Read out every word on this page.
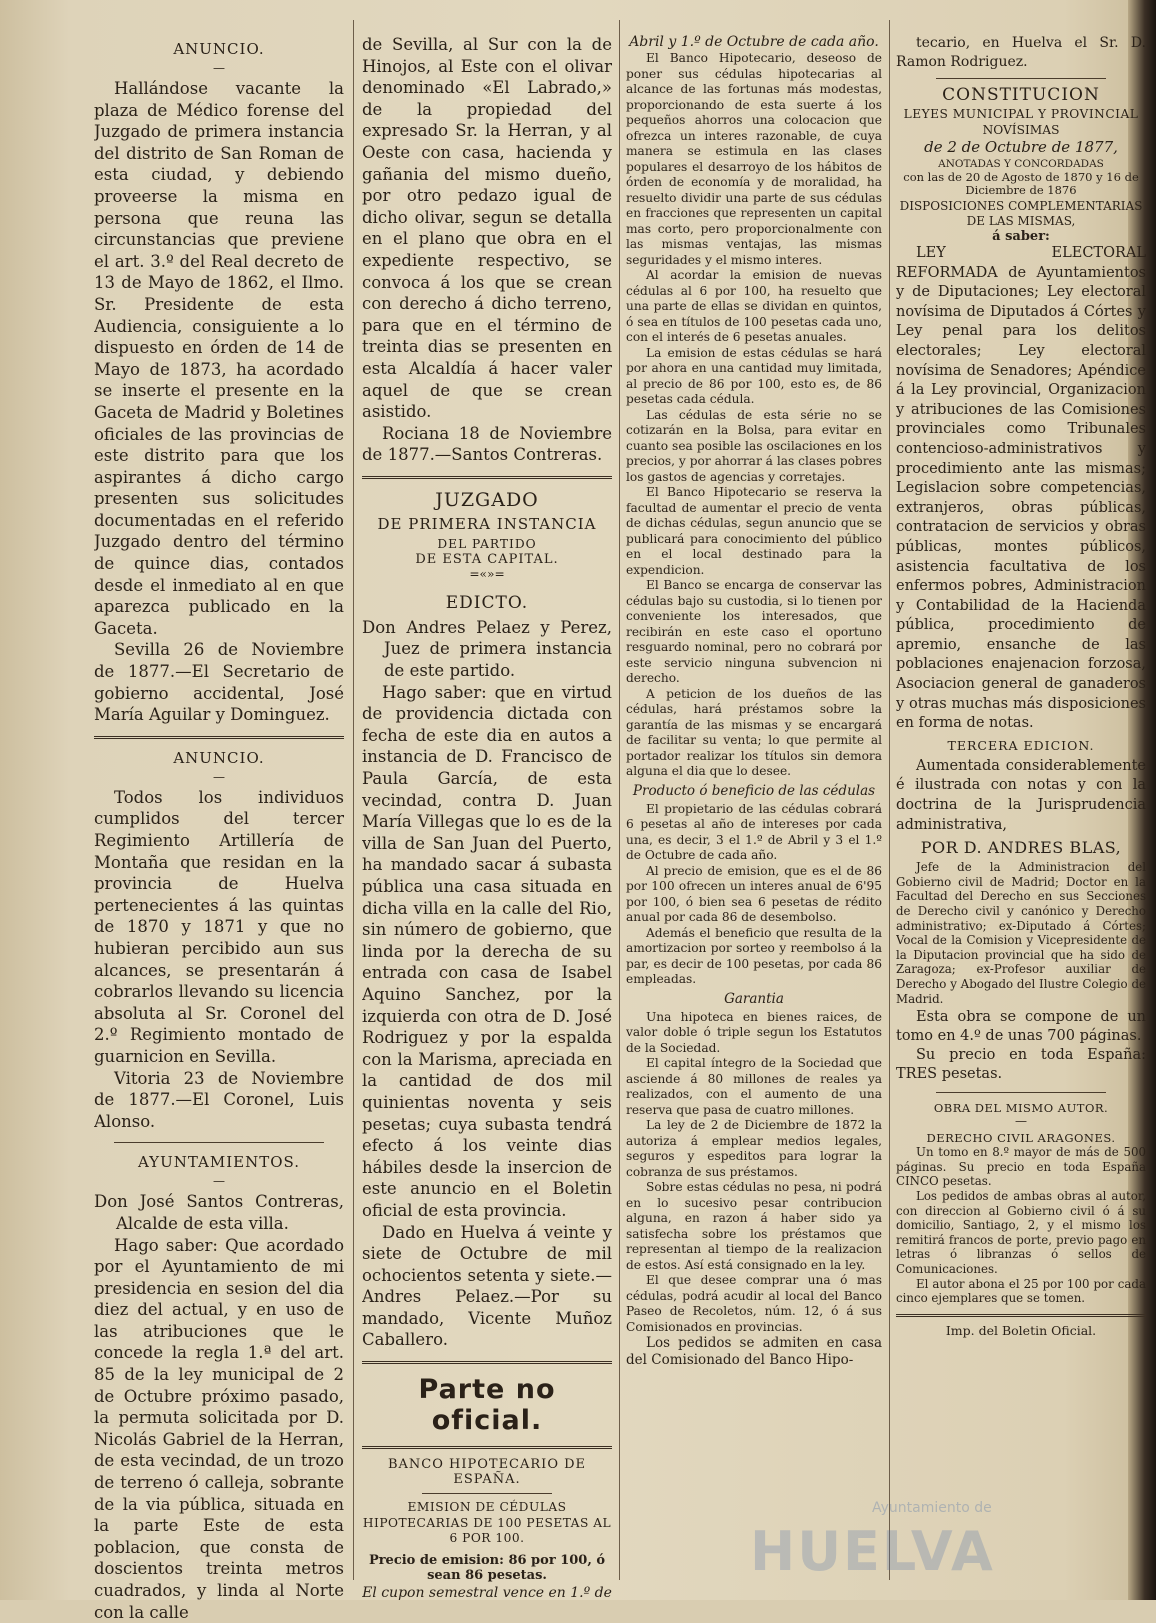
ANUNCIO.
—

Hallándose vacante la plaza de Médico forense del Juzgado de primera instancia del distrito de San Roman de esta ciudad, y debiendo proveerse la misma en persona que reuna las circunstancias que previene el art. 3.º del Real decreto de 13 de Mayo de 1862, el Ilmo. Sr. Presidente de esta Audiencia, consiguiente a lo dispuesto en órden de 14 de Mayo de 1873, ha acordado se inserte el presente en la Gaceta de Madrid y Boletines oficiales de las provincias de este distrito para que los aspirantes á dicho cargo presenten sus solicitudes documentadas en el referido Juzgado dentro del término de quince dias, contados desde el inmediato al en que aparezca publicado en la Gaceta.

Sevilla 26 de Noviembre de 1877.—El Secretario de gobierno accidental, José María Aguilar y Dominguez.

ANUNCIO.
—

Todos los individuos cumplidos del tercer Regimiento Artillería de Montaña que residan en la provincia de Huelva pertenecientes á las quintas de 1870 y 1871 y que no hubieran percibido aun sus alcances, se presentarán á cobrarlos llevando su licencia absoluta al Sr. Coronel del 2.º Regimiento montado de guarnicion en Sevilla.

Vitoria 23 de Noviembre de 1877.—El Coronel, Luis Alonso.

AYUNTAMIENTOS.
—

Don José Santos Contreras, Alcalde de esta villa.

Hago saber: Que acordado por el Ayuntamiento de mi presidencia en sesion del dia diez del actual, y en uso de las atribuciones que le concede la regla 1.ª del art. 85 de la ley municipal de 2 de Octubre próximo pasado, la permuta solicitada por D. Nicolás Gabriel de la Herran, de esta vecindad, de un trozo de terreno ó calleja, sobrante de la via pública, situada en la parte Este de esta poblacion, que consta de doscientos treinta metros cuadrados, y linda al Norte con la calle

de Sevilla, al Sur con la de Hinojos, al Este con el olivar denominado «El Labrado,» de la propiedad del expresado Sr. la Herran, y al Oeste con casa, hacienda y gañania del mismo dueño, por otro pedazo igual de dicho olivar, segun se detalla en el plano que obra en el expediente respectivo, se convoca á los que se crean con derecho á dicho terreno, para que en el término de treinta dias se presenten en esta Alcaldía á hacer valer aquel de que se crean asistido.

Rociana 18 de Noviembre de 1877.—Santos Contreras.

JUZGADO
DE PRIMERA INSTANCIA

DEL PARTIDO

DE ESTA CAPITAL.

=«»=

EDICTO.

Don Andres Pelaez y Perez, Juez de primera instancia de este partido.

Hago saber: que en virtud de providencia dictada con fecha de este dia en autos a instancia de D. Francisco de Paula García, de esta vecindad, contra D. Juan María Villegas que lo es de la villa de San Juan del Puerto, ha mandado sacar á subasta pública una casa situada en dicha villa en la calle del Rio, sin número de gobierno, que linda por la derecha de su entrada con casa de Isabel Aquino Sanchez, por la izquierda con otra de D. José Rodriguez y por la espalda con la Marisma, apreciada en la cantidad de dos mil quinientas noventa y seis pesetas; cuya subasta tendrá efecto á los veinte dias hábiles desde la insercion de este anuncio en el Boletin oficial de esta provincia.

Dado en Huelva á veinte y siete de Octubre de mil ochocientos setenta y siete.—Andres Pelaez.—Por su mandado, Vicente Muñoz Caballero.

Parte no oficial.

BANCO HIPOTECARIO DE ESPAÑA.

EMISION DE CÉDULAS HIPOTECARIAS DE 100 PESETAS AL 6 POR 100.

Precio de emision: 86 por 100, ó sean 86 pesetas.

El cupon semestral vence en 1.º de

Abril y 1.º de Octubre de cada año.

El Banco Hipotecario, deseoso de poner sus cédulas hipotecarias al alcance de las fortunas más modestas, proporcionando de esta suerte á los pequeños ahorros una colocacion que ofrezca un interes razonable, de cuya manera se estimula en las clases populares el desarroyo de los hábitos de órden de economía y de moralidad, ha resuelto dividir una parte de sus cédulas en fracciones que representen un capital mas corto, pero proporcionalmente con las mismas ventajas, las mismas seguridades y el mismo interes.

Al acordar la emision de nuevas cédulas al 6 por 100, ha resuelto que una parte de ellas se dividan en quintos, ó sea en títulos de 100 pesetas cada uno, con el interés de 6 pesetas anuales.

La emision de estas cédulas se hará por ahora en una cantidad muy limitada, al precio de 86 por 100, esto es, de 86 pesetas cada cédula.

Las cédulas de esta série no se cotizarán en la Bolsa, para evitar en cuanto sea posible las oscilaciones en los precios, y por ahorrar á las clases pobres los gastos de agencias y corretajes.

El Banco Hipotecario se reserva la facultad de aumentar el precio de venta de dichas cédulas, segun anuncio que se publicará para conocimiento del público en el local destinado para la expendicion.

El Banco se encarga de conservar las cédulas bajo su custodia, si lo tienen por conveniente los interesados, que recibirán en este caso el oportuno resguardo nominal, pero no cobrará por este servicio ninguna subvencion ni derecho.

A peticion de los dueños de las cédulas, hará préstamos sobre la garantía de las mismas y se encargará de facilitar su venta; lo que permite al portador realizar los títulos sin demora alguna el dia que lo desee.

Producto ó beneficio de las cédulas

El propietario de las cédulas cobrará 6 pesetas al año de intereses por cada una, es decir, 3 el 1.º de Abril y 3 el 1.º de Octubre de cada año.

Al precio de emision, que es el de 86 por 100 ofrecen un interes anual de 6'95 por 100, ó bien sea 6 pesetas de rédito anual por cada 86 de desembolso.

Además el beneficio que resulta de la amortizacion por sorteo y reembolso á la par, es decir de 100 pesetas, por cada 86 empleadas.

Garantia

Una hipoteca en bienes raices, de valor doble ó triple segun los Estatutos de la Sociedad.

El capital íntegro de la Sociedad que asciende á 80 millones de reales ya realizados, con el aumento de una reserva que pasa de cuatro millones.

La ley de 2 de Diciembre de 1872 la autoriza á emplear medios legales, seguros y espeditos para lograr la cobranza de sus préstamos.

Sobre estas cédulas no pesa, ni podrá en lo sucesivo pesar contribucion alguna, en razon á haber sido ya satisfecha sobre los préstamos que representan al tiempo de la realizacion de estos. Así está consignado en la ley.

El que desee comprar una ó mas cédulas, podrá acudir al local del Banco Paseo de Recoletos, núm. 12, ó á sus Comisionados en provincias.

Los pedidos se admiten en casa del Comisionado del Banco Hipo-

tecario, en Huelva el Sr. D. Ramon Rodriguez.

CONSTITUCION

LEYES MUNICIPAL Y PROVINCIAL

NOVÍSIMAS

de 2 de Octubre de 1877,

ANOTADAS Y CONCORDADAS

con las de 20 de Agosto de 1870 y 16 de Diciembre de 1876

DISPOSICIONES COMPLEMENTARIAS DE LAS MISMAS,

á saber:

LEY ELECTORAL REFORMADA de Ayuntamientos y de Diputaciones; Ley electoral novísima de Diputados á Córtes y Ley penal para los delitos electorales; Ley electoral novísima de Senadores; Apéndice á la Ley provincial, Organizacion y atribuciones de las Comisiones provinciales como Tribunales contencioso-administrativos y procedimiento ante las mismas; Legislacion sobre competencias, extranjeros, obras públicas, contratacion de servicios y obras públicas, montes públicos, asistencia facultativa de los enfermos pobres, Administracion y Contabilidad de la Hacienda pública, procedimiento de apremio, ensanche de las poblaciones enajenacion forzosa, Asociacion general de ganaderos y otras muchas más disposiciones en forma de notas.

TERCERA EDICION.

Aumentada considerablemente é ilustrada con notas y con la doctrina de la Jurisprudencia administrativa,

POR D. ANDRES BLAS,

Jefe de la Administracion del Gobierno civil de Madrid; Doctor en la Facultad del Derecho en sus Secciones de Derecho civil y canónico y Derecho administrativo; ex-Diputado á Córtes; Vocal de la Comision y Vicepresidente de la Diputacion provincial que ha sido de Zaragoza; ex-Profesor auxiliar de Derecho y Abogado del Ilustre Colegio de Madrid.

Esta obra se compone de un tomo en 4.º de unas 700 páginas.

Su precio en toda España: TRES pesetas.

OBRA DEL MISMO AUTOR.

—

DERECHO CIVIL ARAGONES.

Un tomo en 8.º mayor de más de 500 páginas. Su precio en toda España CINCO pesetas.

Los pedidos de ambas obras al autor, con direccion al Gobierno civil ó á su domicilio, Santiago, 2, y el mismo los remitirá francos de porte, previo pago en letras ó libranzas ó sellos de Comunicaciones.

El autor abona el 25 por 100 por cada cinco ejemplares que se tomen.

Imp. del Boletin Oficial.

Ayuntamiento de
HUELVA
